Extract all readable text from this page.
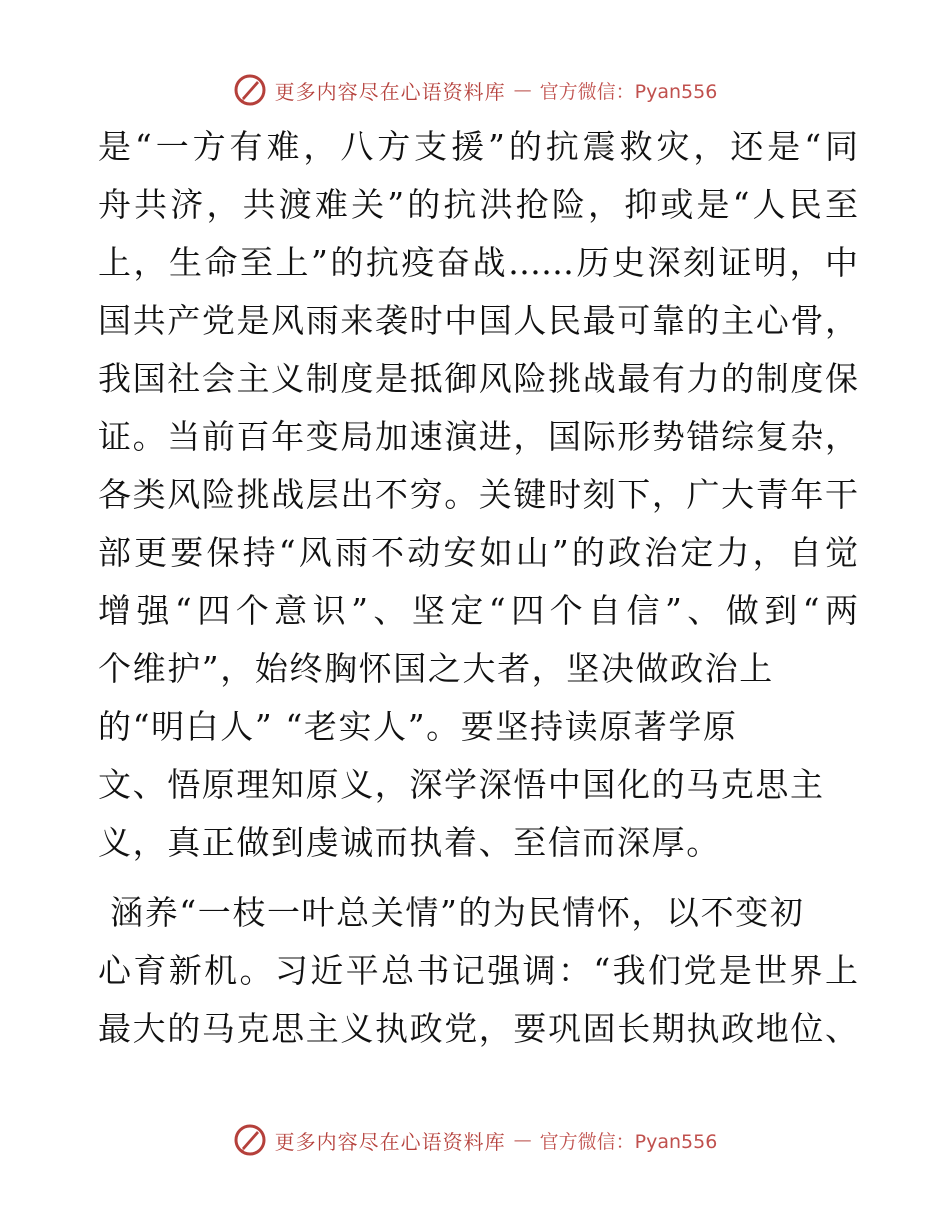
更多内容尽在心语资料库 — 官方微信：Pyan556
是“一方有难，八方支援”的抗震救灾，还是“同
舟共济，共渡难关”的抗洪抢险，抑或是“人民至
上，生命至上”的抗疫奋战……历史深刻证明，中
国共产党是风雨来袭时中国人民最可靠的主心骨，
我国社会主义制度是抵御风险挑战最有力的制度保
证。当前百年变局加速演进，国际形势错综复杂，
各类风险挑战层出不穷。关键时刻下，广大青年干
部更要保持“风雨不动安如山”的政治定力，自觉
增强“四个意识”、坚定“四个自信”、做到“两
个维护”，始终胸怀国之大者，坚决做政治上
的“明白人” “老实人”。要坚持读原著学原
文、悟原理知原义，深学深悟中国化的马克思主
义，真正做到虔诚而执着、至信而深厚。
涵养“一枝一叶总关情”的为民情怀，以不变初
心育新机。习近平总书记强调：“我们党是世界上
最大的马克思主义执政党，要巩固长期执政地位、
更多内容尽在心语资料库 — 官方微信：Pyan556
